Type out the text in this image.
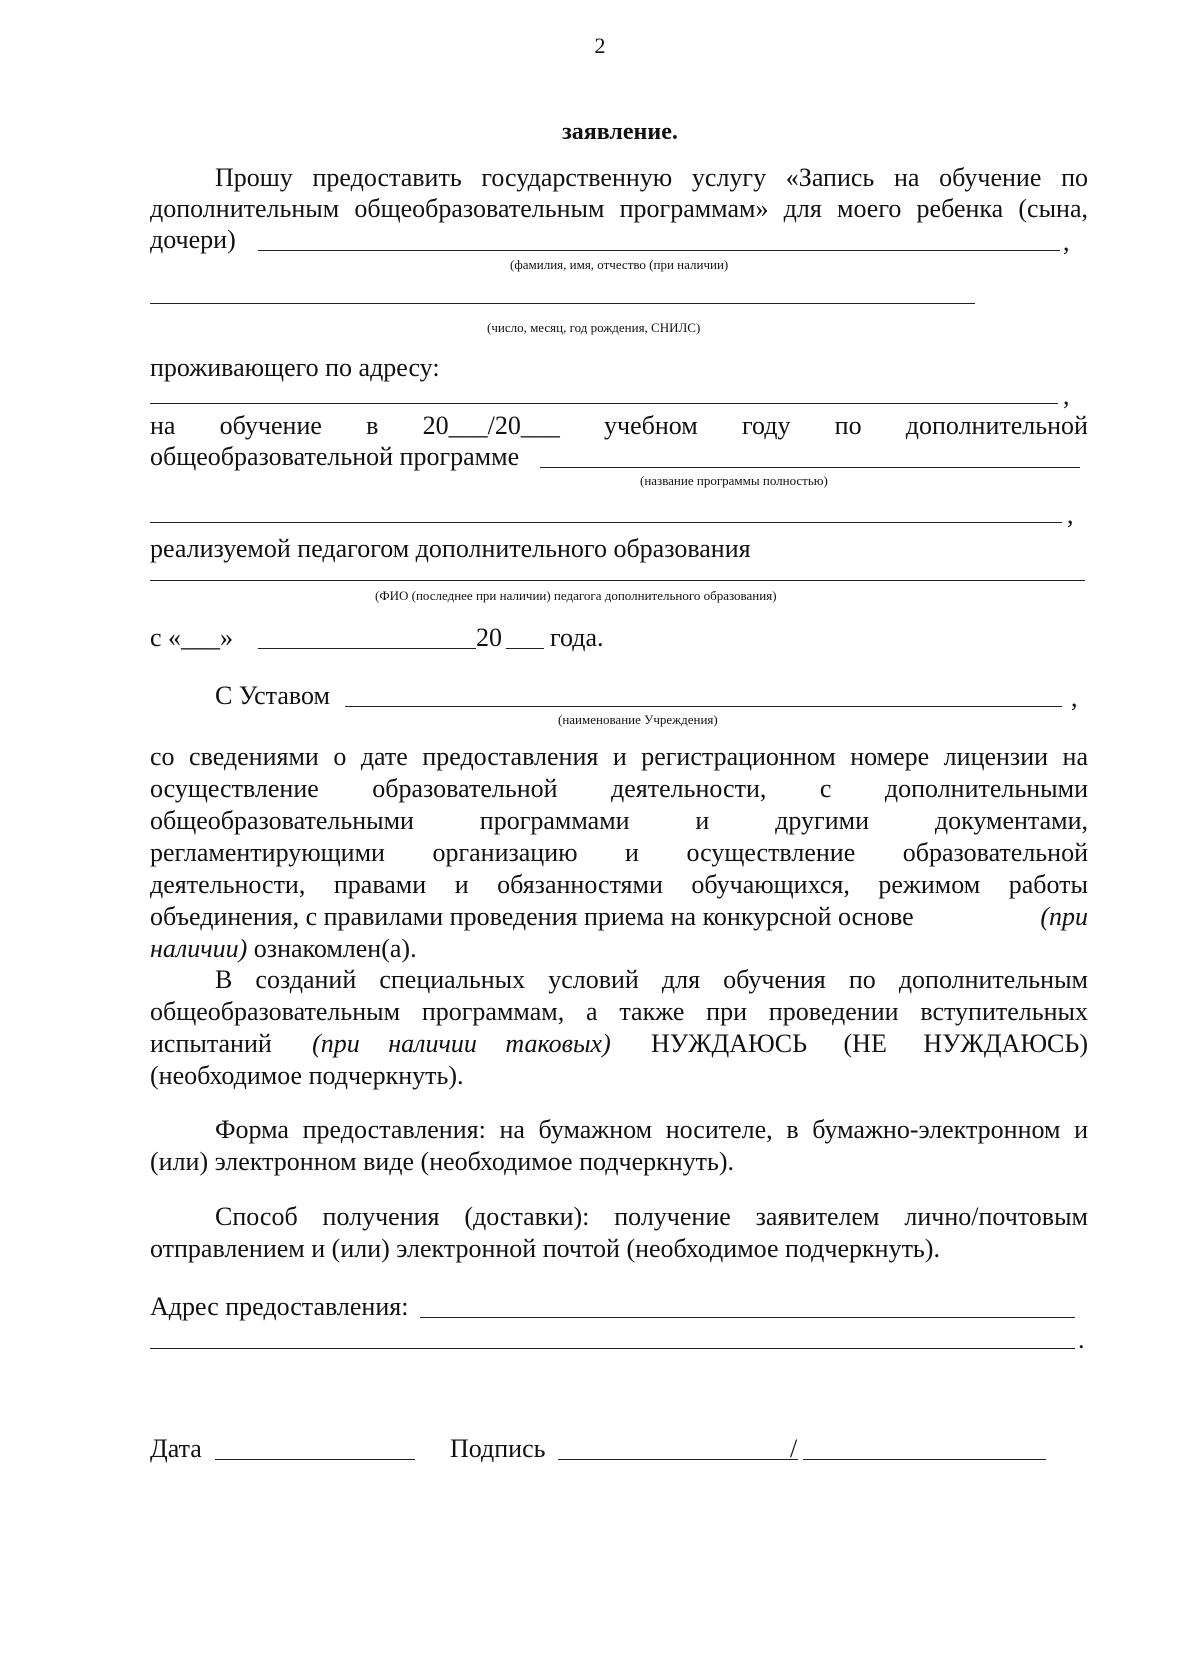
2
заявление.
Прошу предоставить государственную услугу «Запись на обучение по
дополнительным общеобразовательным программам» для моего ребенка (сына,
дочери)	,
(фамилия, имя, отчество (при наличии)
(число, месяц, год рождения, СНИЛС)
проживающего по адресу:
,
на обучение в 20___/20___ учебном году по дополнительной
общеобразовательной программе
(название программы полностью)
,
реализуемой педагогом дополнительного образования
(ФИО (последнее при наличии) педагога дополнительного образования)
с «___»	20 года.
С Уставом	,
(наименование Учреждения)
со сведениями о дате предоставления и регистрационном номере лицензии на
осуществление образовательной деятельности, с дополнительными
общеобразовательными программами и другими документами,
регламентирующими организацию и осуществление образовательной
деятельности, правами и обязанностями обучающихся, режимом работы
объединения, с правилами проведения приема на конкурсной основе	(при
наличии) ознакомлен(а).
В созданий специальных условий для обучения по дополнительным
общеобразовательным программам, а также при проведении вступительных
испытаний (при наличии таковых) НУЖДАЮСЬ (НЕ НУЖДАЮСЬ)
(необходимое подчеркнуть).
Форма предоставления: на бумажном носителе, в бумажно-электронном и
(или) электронном виде (необходимое подчеркнуть).
Способ получения (доставки): получение заявителем лично/почтовым
отправлением и (или) электронной почтой (необходимое подчеркнуть).
Адрес предоставления:
.
Дата	Подпись	/
